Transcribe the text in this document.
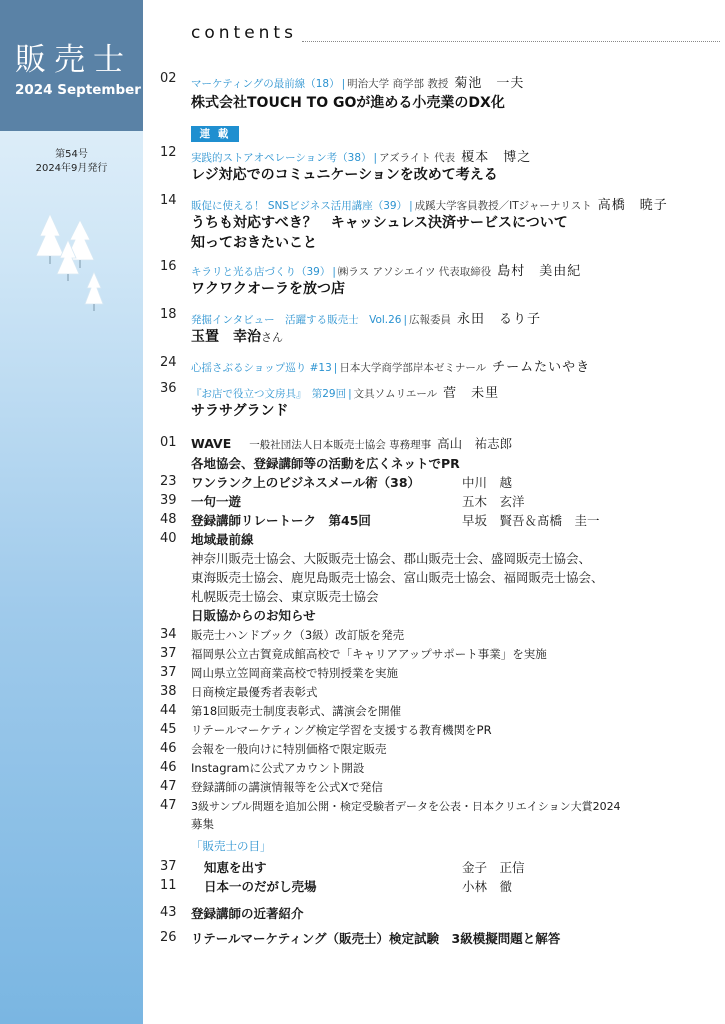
販売士
2024 September
第54号
2024年9月発行
contents
02 マーケティングの最前線（18） | 明治大学 商学部 教授 菊池　一夫
株式会社TOUCH TO GOが進める小売業のDX化
連 載
12 実践的ストアオペレーション考（38） | アズライト 代表 榎本　博之
レジ対応でのコミュニケーションを改めて考える
14 販促に使える！ SNSビジネス活用講座（39） | 成蹊大学客員教授／ITジャーナリスト 高橋　暁子
うちも対応すべき？　キャッシュレス決済サービスについて
知っておきたいこと
16 キラリと光る店づくり（39） | ㈱ラス アソシエイツ 代表取締役 島村　美由紀
ワクワクオーラを放つ店
18 発掘インタビュー　活躍する販売士　Vol.26 | 広報委員 永田　るり子
玉置　幸治さん
24 心揺さぶるショップ巡り #13 | 日本大学商学部岸本ゼミナール チームたいやき
36 『お店で役立つ文房具』　第29回 | 文具ソムリエール 菅　未里
サラサグランド
01 WAVE 一般社団法人日本販売士協会 専務理事 高山　祐志郎
各地協会、登録講師等の活動を広くネットでPR
23 ワンランク上のビジネスメール術（38）	中川　越
39 一句一遊	五木　玄洋
48 登録講師リレートーク　第45回	早坂　賢吾＆髙橋　圭一
40 地域最前線
神奈川販売士協会、大阪販売士協会、郡山販売士会、盛岡販売士協会、
東海販売士協会、鹿児島販売士協会、富山販売士協会、福岡販売士協会、
札幌販売士協会、東京販売士協会
日販協からのお知らせ
34 販売士ハンドブック（3級）改訂版を発売
37 福岡県公立古賀竟成館高校で「キャリアアップサポート事業」を実施
37 岡山県立笠岡商業高校で特別授業を実施
38 日商検定最優秀者表彰式
44 第18回販売士制度表彰式、講演会を開催
45 リテールマーケティング検定学習を支援する教育機関をPR
46 会報を一般向けに特別価格で限定販売
46 Instagramに公式アカウント開設
47 登録講師の講演情報等を公式Xで発信
47 3級サンプル問題を追加公開・検定受験者データを公表・日本クリエイション大賞2024
募集
「販売士の目」
37 知恵を出す	金子　正信
11 日本一のだがし売場	小林　徹
43 登録講師の近著紹介
26 リテールマーケティング（販売士）検定試験　3級模擬問題と解答
